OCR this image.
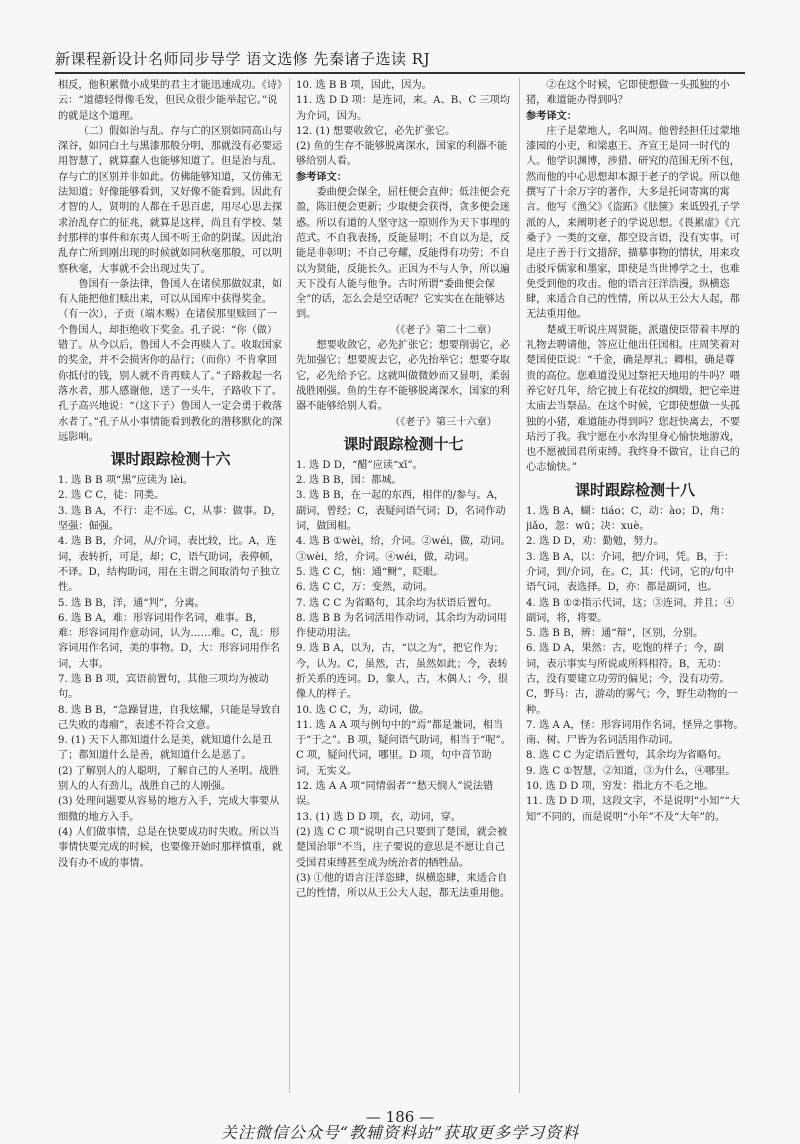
新课程新设计名师同步导学 语文选修 先秦诸子选读 RJ

相反，他积累微小成果的君主才能迅速成功。《诗》云：“道德轻得像毛发，但民众很少能举起它。”说的就是这个道理。

（二）假如治与乱、存与亡的区别如同高山与深谷，如同白土与黑漆那般分明，那就没有必要运用智慧了，就算蠢人也能够知道了。但是治与乱、存与亡的区别并非如此。仿佛能够知道，又仿佛无法知道；好像能够看到，又好像不能看到。因此有才智的人，贤明的人都在千思百虑，用尽心思去探求治乱存亡的征兆，就算是这样，尚且有学校、桀纣那样的事件和东夷人国不听王命的阴谋。因此治乱存亡所到刚出现的时候就如同秋毫那般，可以明察秋毫，大事就不会出现过失了。

鲁国有一条法律，鲁国人在诸侯那做奴隶，如有人能把他们赎出来，可以从国库中获得奖金。（有一次），子贡（端木赐）在诸侯那里赎回了一个鲁国人，却拒绝收下奖金。孔子说：“你（做）错了。从今以后，鲁国人不会再赎人了。收取国家的奖金，并不会损害你的品行；（而你）不肯拿回你抵付的钱，别人就不肯再赎人了。”子路救起一名落水者，那人感谢他，送了一头牛，子路收下了。孔子高兴地说：“（这下子）鲁国人一定会勇于救落水者了。”孔子从小事情能看到教化的潜移默化的深远影响。

课时跟踪检测十六

1. 选 B B 项“黑”应读为 lèi。

2. 选 C C，徒：同类。

3. 选 B A，不行：走不远。C，从事：做事。D，坚强：倔强。

4. 选 B B，介词，从/介词，表比较，比。A，连词，表转折，可是，却；C，语气助词，表停顿，不译。D，结构助词，用在主谓之间取消句子独立性。

5. 选 B B，洋，通“判”，分离。

6. 选 B A，难：形容词用作名词，难事。B，难：形容词用作意动词，认为……难。C，乱：形容词用作名词，美的事物。D，大：形容词用作名词，大事。

7. 选 B B 项，宾语前置句，其他三项均为被动句。

8. 选 B B，“急躁冒进，自我炫耀，只能是导致自己失败的毒瘤”，表述不符合文意。

9. (1) 天下人都知道什么是美，就知道什么是丑了；都知道什么是善，就知道什么是恶了。

(2) 了解别人的人聪明，了解自己的人圣明。战胜别人的人有劲儿，战胜自己的人刚强。

(3) 处理问题要从容易的地方入手，完成大事要从细微的地方入手。

(4) 人们做事情，总是在快要成功时失败。所以当事情快要完成的时候，也要像开始时那样慎重，就没有办不成的事情。

10. 选 B B 项，因此，因为。

11. 选 D D 项：是连词，来。A、B、C 三项均为介词，因为。

12. (1) 想要收敛它，必先扩张它。

(2) 鱼的生存不能够脱离深水，国家的利器不能够给别人看。

参考译文：

委曲便会保全，屈枉便会直伸；低洼便会充盈，陈旧便会更新；少取便会获得，贪多便会迷惑。所以有道的人坚守这一原则作为天下事理的范式。不自我表扬，反能显明；不自以为是，反能是非彰明；不自己夸耀，反能得有功劳；不自以为贤能，反能长久。正因为不与人争，所以遍天下没有人能与他争。古时所谓“委曲便会保全”的话，怎么会是空话呢？它实实在在能够达到。

（《老子》第二十二章）

想要收敛它，必先扩张它；想要削弱它，必先加强它；想要废去它，必先抬举它；想要夺取它，必先给予它。这就叫做微妙而又显明，柔弱战胜刚强。鱼的生存不能够脱离深水，国家的利器不能够给别人看。

（《老子》第三十六章）

课时跟踪检测十七

1. 选 D D，“醋”应读“xī”。

2. 选 B B，国：都城。

3. 选 B B，在一起的东西，相伴的/参与。A，副词，曾经；C，表疑问语气词；D，名词作动词，做国相。

4. 选 B ①wèi，给，介词。②wéi，做，动词。③wèi，给，介词。④wéi，做，动词。

5. 选 C C，恼：通“鲥”，眨眼。

6. 选 C C，万：变然，动词。

7. 选 C C 为省略句，其余均为状语后置句。

8. 选 B B 为名词活用作动词，其余均为动词用作使动用法。

9. 选 B A，以为，古，“以之为”，把它作为；今，认为。C，虽然，古，虽然如此；今，表转折关系的连词。D，象人，古，木偶人；今，很像人的样子。

10. 选 C C，为，动词，做。

11. 选 A A 项与例句中的“焉”都是兼词，相当于“于之”。B 项，疑问语气助词，相当于“呢”。C 项，疑问代词，哪里。D 项，句中音节助词，无实义。

12. 选 A A 项“同情弱者”“愁天悯人”说法错误。

13. (1) 选 D D 项，衣，动词，穿。

(2) 选 C C 项“说明自己只要到了楚国，就会被楚国治罪”不当，庄子要说的意思是不愿让自己受国君束缚甚至成为统治者的牺牲品。

(3) ①他的语言汪洋恣肆，纵横恣肆，来适合自己的性情，所以从王公大人起，都无法重用他。

②在这个时候，它即使想做一头孤独的小猪，难道能办得到吗？

参考译文：

庄子是蒙地人，名叫周。他曾经担任过蒙地漆园的小吏，和梁惠王、齐宣王是同一时代的人。他学识渊博，涉猎、研究的范围无所不包，然而他的中心思想却本源于老子的学说。所以他撰写了十余万字的著作，大多是托词寄寓的寓言。他写《渔父》《盗跖》《胠箧》来诋毁孔子学派的人，来阐明老子的学说思想。《畏累虚》《亢桑子》一类的文章，都空设言语，没有实事。可是庄子善于行文措辞，描摹事物的情状，用来攻击驳斥儒家和墨家，即使是当世博学之士，也难免受到他的攻击。他的语言汪洋浩漫，纵横恣肆，来适合自己的性情，所以从王公大人起，都无法重用他。

楚威王听说庄周贤能，派遣使臣带着丰厚的礼物去聘请他，答应让他出任国相。庄周笑着对楚国使臣说：“千金，确是厚礼；卿相，确是尊贵的高位。您难道没见过祭祀天地用的牛吗？喂养它好几年，给它披上有花纹的绸缎，把它牵进太庙去当祭品。在这个时候，它即使想做一头孤独的小猪，难道能办得到吗？您赶快离去，不要玷污了我。我宁愿在小水沟里身心愉快地游戏，也不愿被国君所束缚。我终身不做官，让自己的心志愉快。”

课时跟踪检测十八

1. 选 B A，蝴：tiáo；C，动：ào；D，角：jiǎo，忽：wū；决：xuè。

2. 选 D D，劝：勤勉，努力。

3. 选 B A，以：介词，把/介词，凭。B，于：介词，到/介词，在。C，其：代词，它的/句中语气词，表选择。D，亦：都是副词，也。

4. 选 B ①②指示代词，这；③连词，并且；④副词，将，将要。

5. 选 B B，辨：通“辩”，区别，分别。

6. 选 D A，果然：古，吃饱的样子；今，副词，表示事实与所说或所料相符。B，无功：古，没有要建立功劳的偏见；今，没有功劳。C，野马：古，游动的雾气；今，野生动物的一种。

7. 选 A A，怪：形容词用作名词，怪异之事物。南、树、尸皆为名词活用作动词。

8. 选 C C 为定语后置句，其余均为省略句。

9. 选 C ①智慧，②知道，③为什么，④哪里。

10. 选 D D 项，穷发：指北方不毛之地。

11. 选 D D 项，这段文字，不是说明“小知”“大知”不同的，而是说明“小年”不及“大年”的。

— 186 —
关注微信公众号“教辅资料站”获取更多学习资料
